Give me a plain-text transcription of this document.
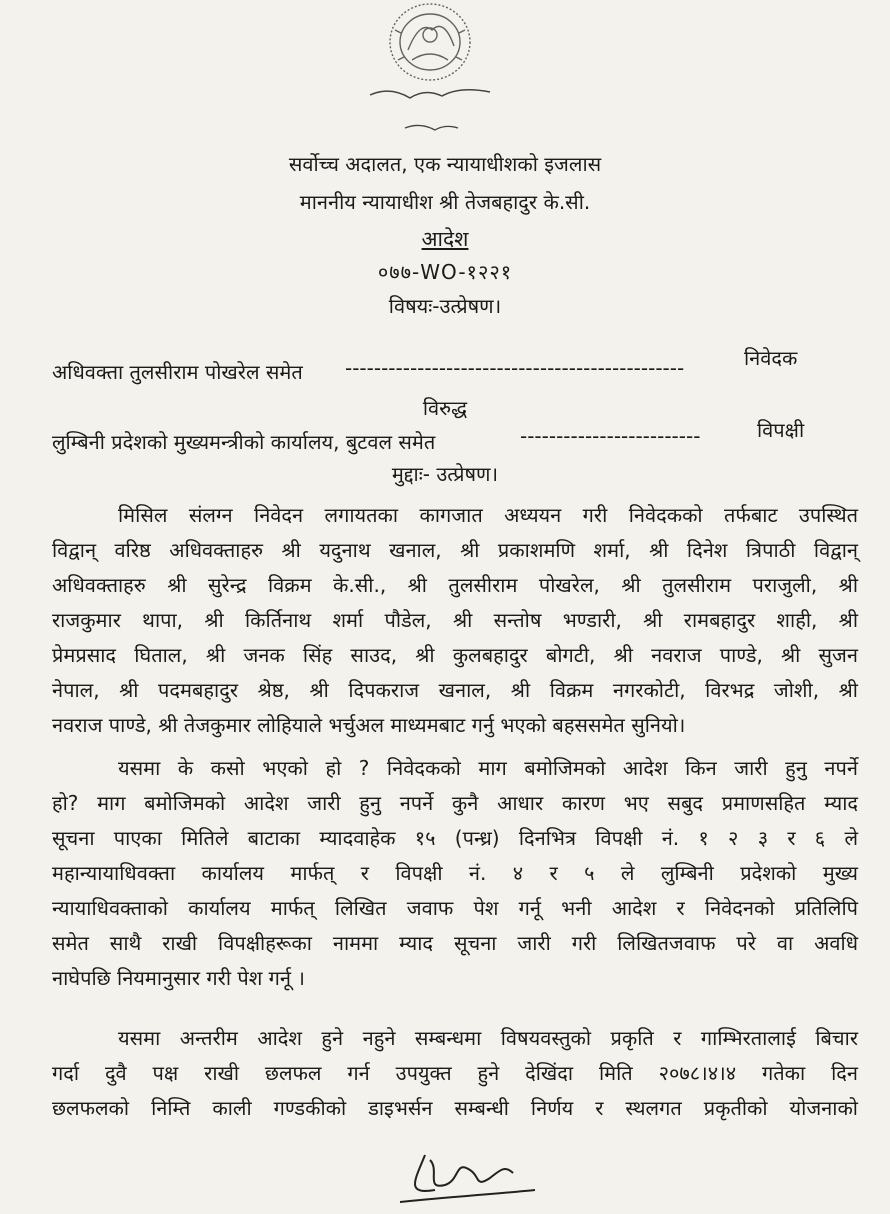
सर्वोच्च अदालत, एक न्यायाधीशको इजलास
माननीय न्यायाधीश श्री तेजबहादुर के.सी.
आदेश
०७७-WO-१२२१
विषयः-उत्प्रेषण।
अधिवक्ता तुलसीराम पोखरेल समेत -----------------------------------------------	निवेदक
विरुद्ध
लुम्बिनी प्रदेशको मुख्यमन्त्रीको कार्यालय, बुटवल समेत	-------------------------	विपक्षी
मुद्दाः- उत्प्रेषण।
मिसिल संलग्न निवेदन लगायतका कागजात अध्ययन गरी निवेदकको तर्फबाट उपस्थित
विद्वान् वरिष्ठ अधिवक्ताहरु श्री यदुनाथ खनाल, श्री प्रकाशमणि शर्मा, श्री दिनेश त्रिपाठी विद्वान्
अधिवक्ताहरु श्री सुरेन्द्र विक्रम के.सी., श्री तुलसीराम पोखरेल, श्री तुलसीराम पराजुली, श्री
राजकुमार थापा, श्री किर्तिनाथ शर्मा पौडेल, श्री सन्तोष भण्डारी, श्री रामबहादुर शाही, श्री
प्रेमप्रसाद घिताल, श्री जनक सिंह साउद, श्री कुलबहादुर बोगटी, श्री नवराज पाण्डे, श्री सुजन
नेपाल, श्री पदमबहादुर श्रेष्ठ, श्री दिपकराज खनाल, श्री विक्रम नगरकोटी, विरभद्र जोशी, श्री
नवराज पाण्डे, श्री तेजकुमार लोहियाले भर्चुअल माध्यमबाट गर्नु भएको बहससमेत सुनियो।
यसमा के कसो भएको हो ? निवेदकको माग बमोजिमको आदेश किन जारी हुनु नपर्ने
हो? माग बमोजिमको आदेश जारी हुनु नपर्ने कुनै आधार कारण भए सबुद प्रमाणसहित म्याद
सूचना पाएका मितिले बाटाका म्यादवाहेक १५ (पन्ध्र) दिनभित्र विपक्षी नं. १ २ ३ र ६ ले
महान्यायाधिवक्ता कार्यालय मार्फत् र विपक्षी नं. ४ र ५ ले लुम्बिनी प्रदेशको मुख्य
न्यायाधिवक्ताको कार्यालय मार्फत् लिखित जवाफ पेश गर्नू भनी आदेश र निवेदनको प्रतिलिपि
समेत साथै राखी विपक्षीहरूका नाममा म्याद सूचना जारी गरी लिखितजवाफ परे वा अवधि
नाघेपछि नियमानुसार गरी पेश गर्नू ।
यसमा अन्तरीम आदेश हुने नहुने सम्बन्धमा विषयवस्तुको प्रकृति र गाम्भिरतालाई बिचार
गर्दा दुवै पक्ष राखी छलफल गर्न उपयुक्त हुने देखिंदा मिति २०७८।४।४ गतेका दिन
छलफलको निम्ति काली गण्डकीको डाइभर्सन सम्बन्धी निर्णय र स्थलगत प्रकृतीको योजनाको
